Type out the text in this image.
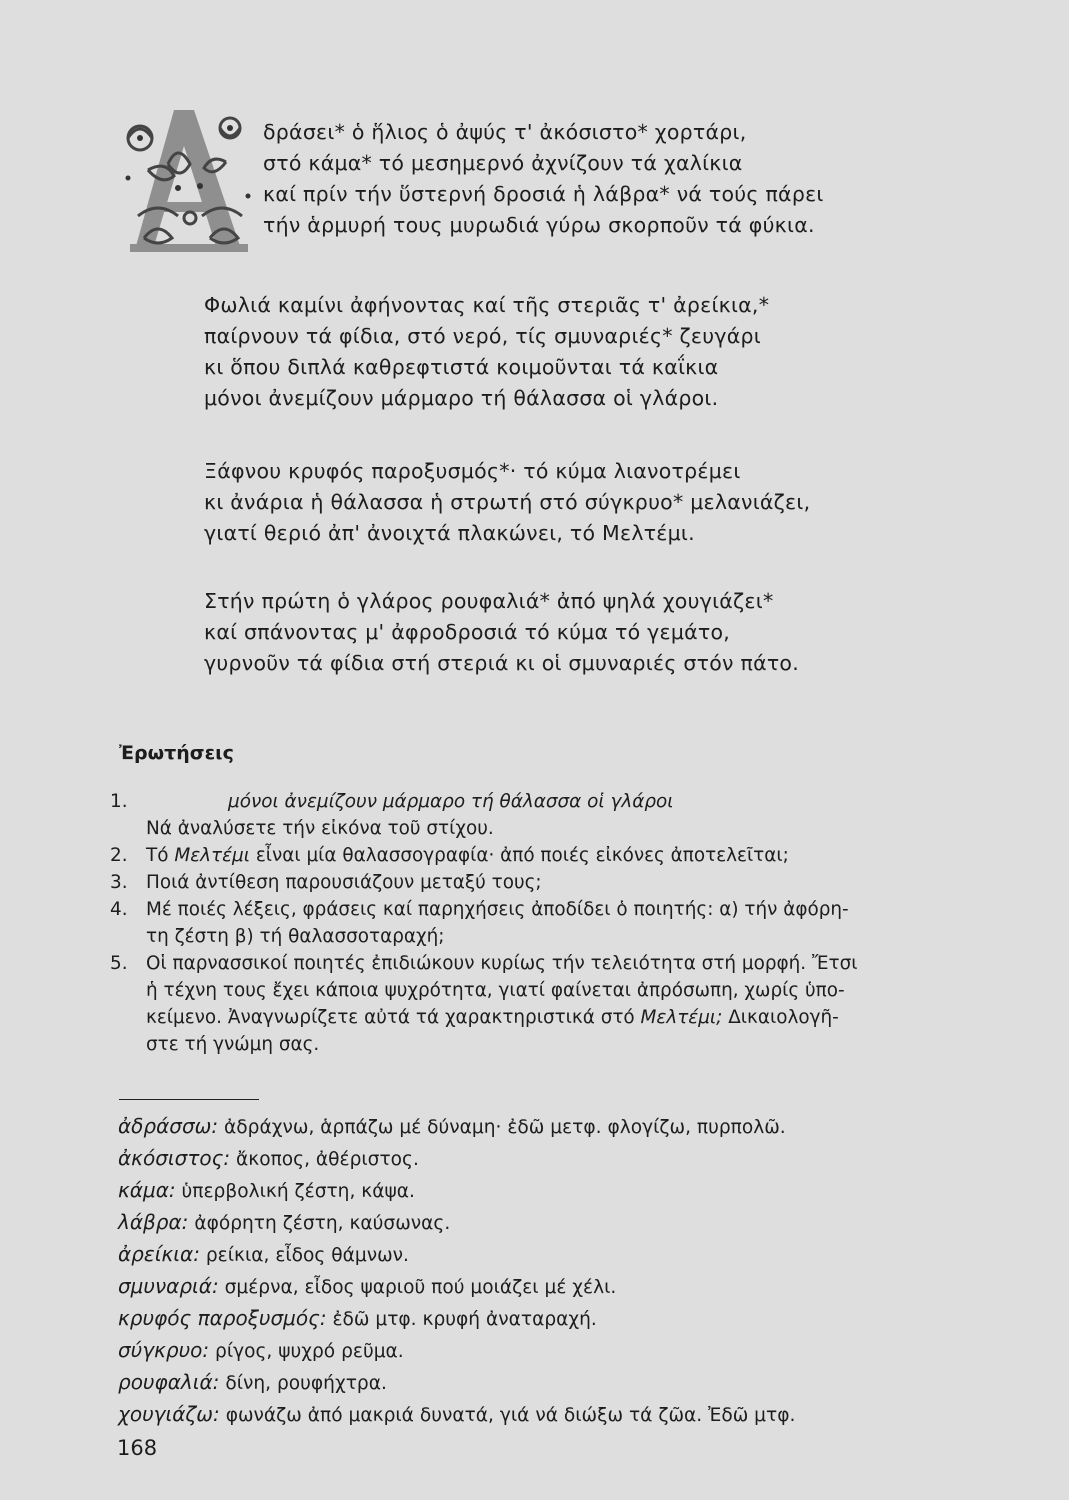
δράσει* ὁ ἥλιος ὁ ἀψύς τ' ἀκόσιστο* χορτάρι,
στό κάμα* τό μεσημερνό ἀχνίζουν τά χαλίκια
καί πρίν τήν ὕστερνή δροσιά ἡ λάβρα* νά τούς πάρει
τήν ἁρμυρή τους μυρωδιά γύρω σκορποῦν τά φύκια.
Φωλιά καμίνι ἀφήνοντας καί τῆς στεριᾶς τ' ἀρείκια,*
παίρνουν τά φίδια, στό νερό, τίς σμυναριές* ζευγάρι
κι ὅπου διπλά καθρεφτιστά κοιμοῦνται τά καΐκια
μόνοι ἀνεμίζουν μάρμαρο τή θάλασσα οἱ γλάροι.
Ξάφνου κρυφός παροξυσμός*· τό κύμα λιανοτρέμει
κι ἀνάρια ἡ θάλασσα ἡ στρωτή στό σύγκρυο* μελανιάζει,
γιατί θεριό ἀπ' ἀνοιχτά πλακώνει, τό Μελτέμι.
Στήν πρώτη ὁ γλάρος ρουφαλιά* ἀπό ψηλά χουγιάζει*
καί σπάνοντας μ' ἀφροδροσιά τό κύμα τό γεμάτο,
γυρνοῦν τά φίδια στή στεριά κι οἱ σμυναριές στόν πάτο.
Ἐρωτήσεις
1.	μόνοι ἀνεμίζουν μάρμαρο τή θάλασσα οἱ γλάροι
Νά ἀναλύσετε τήν εἰκόνα τοῦ στίχου.
2. Τό Μελτέμι εἶναι μία θαλασσογραφία· ἀπό ποιές εἰκόνες ἀποτελεῖται;
3. Ποιά ἀντίθεση παρουσιάζουν μεταξύ τους;
4. Μέ ποιές λέξεις, φράσεις καί παρηχήσεις ἀποδίδει ὁ ποιητής: α) τήν ἀφόρη-
τη ζέστη β) τή θαλασσοταραχή;
5. Οἱ παρνασσικοί ποιητές ἐπιδιώκουν κυρίως τήν τελειότητα στή μορφή. Ἔτσι
ἡ τέχνη τους ἔχει κάποια ψυχρότητα, γιατί φαίνεται ἀπρόσωπη, χωρίς ὑπο-
κείμενο. Ἀναγνωρίζετε αὐτά τά χαρακτηριστικά στό Μελτέμι; Δικαιολογῆ-
στε τή γνώμη σας.
ἀδράσσω: ἀδράχνω, ἁρπάζω μέ δύναμη· ἐδῶ μετφ. φλογίζω, πυρπολῶ.
ἀκόσιστος: ἄκοπος, ἀθέριστος.
κάμα: ὑπερβολική ζέστη, κάψα.
λάβρα: ἀφόρητη ζέστη, καύσωνας.
ἀρείκια: ρείκια, εἶδος θάμνων.
σμυναριά: σμέρνα, εἶδος ψαριοῦ πού μοιάζει μέ χέλι.
κρυφός παροξυσμός: ἐδῶ μτφ. κρυφή ἀναταραχή.
σύγκρυο: ρίγος, ψυχρό ρεῦμα.
ρουφαλιά: δίνη, ρουφήχτρα.
χουγιάζω: φωνάζω ἀπό μακριά δυνατά, γιά νά διώξω τά ζῶα. Ἐδῶ μτφ.
168
